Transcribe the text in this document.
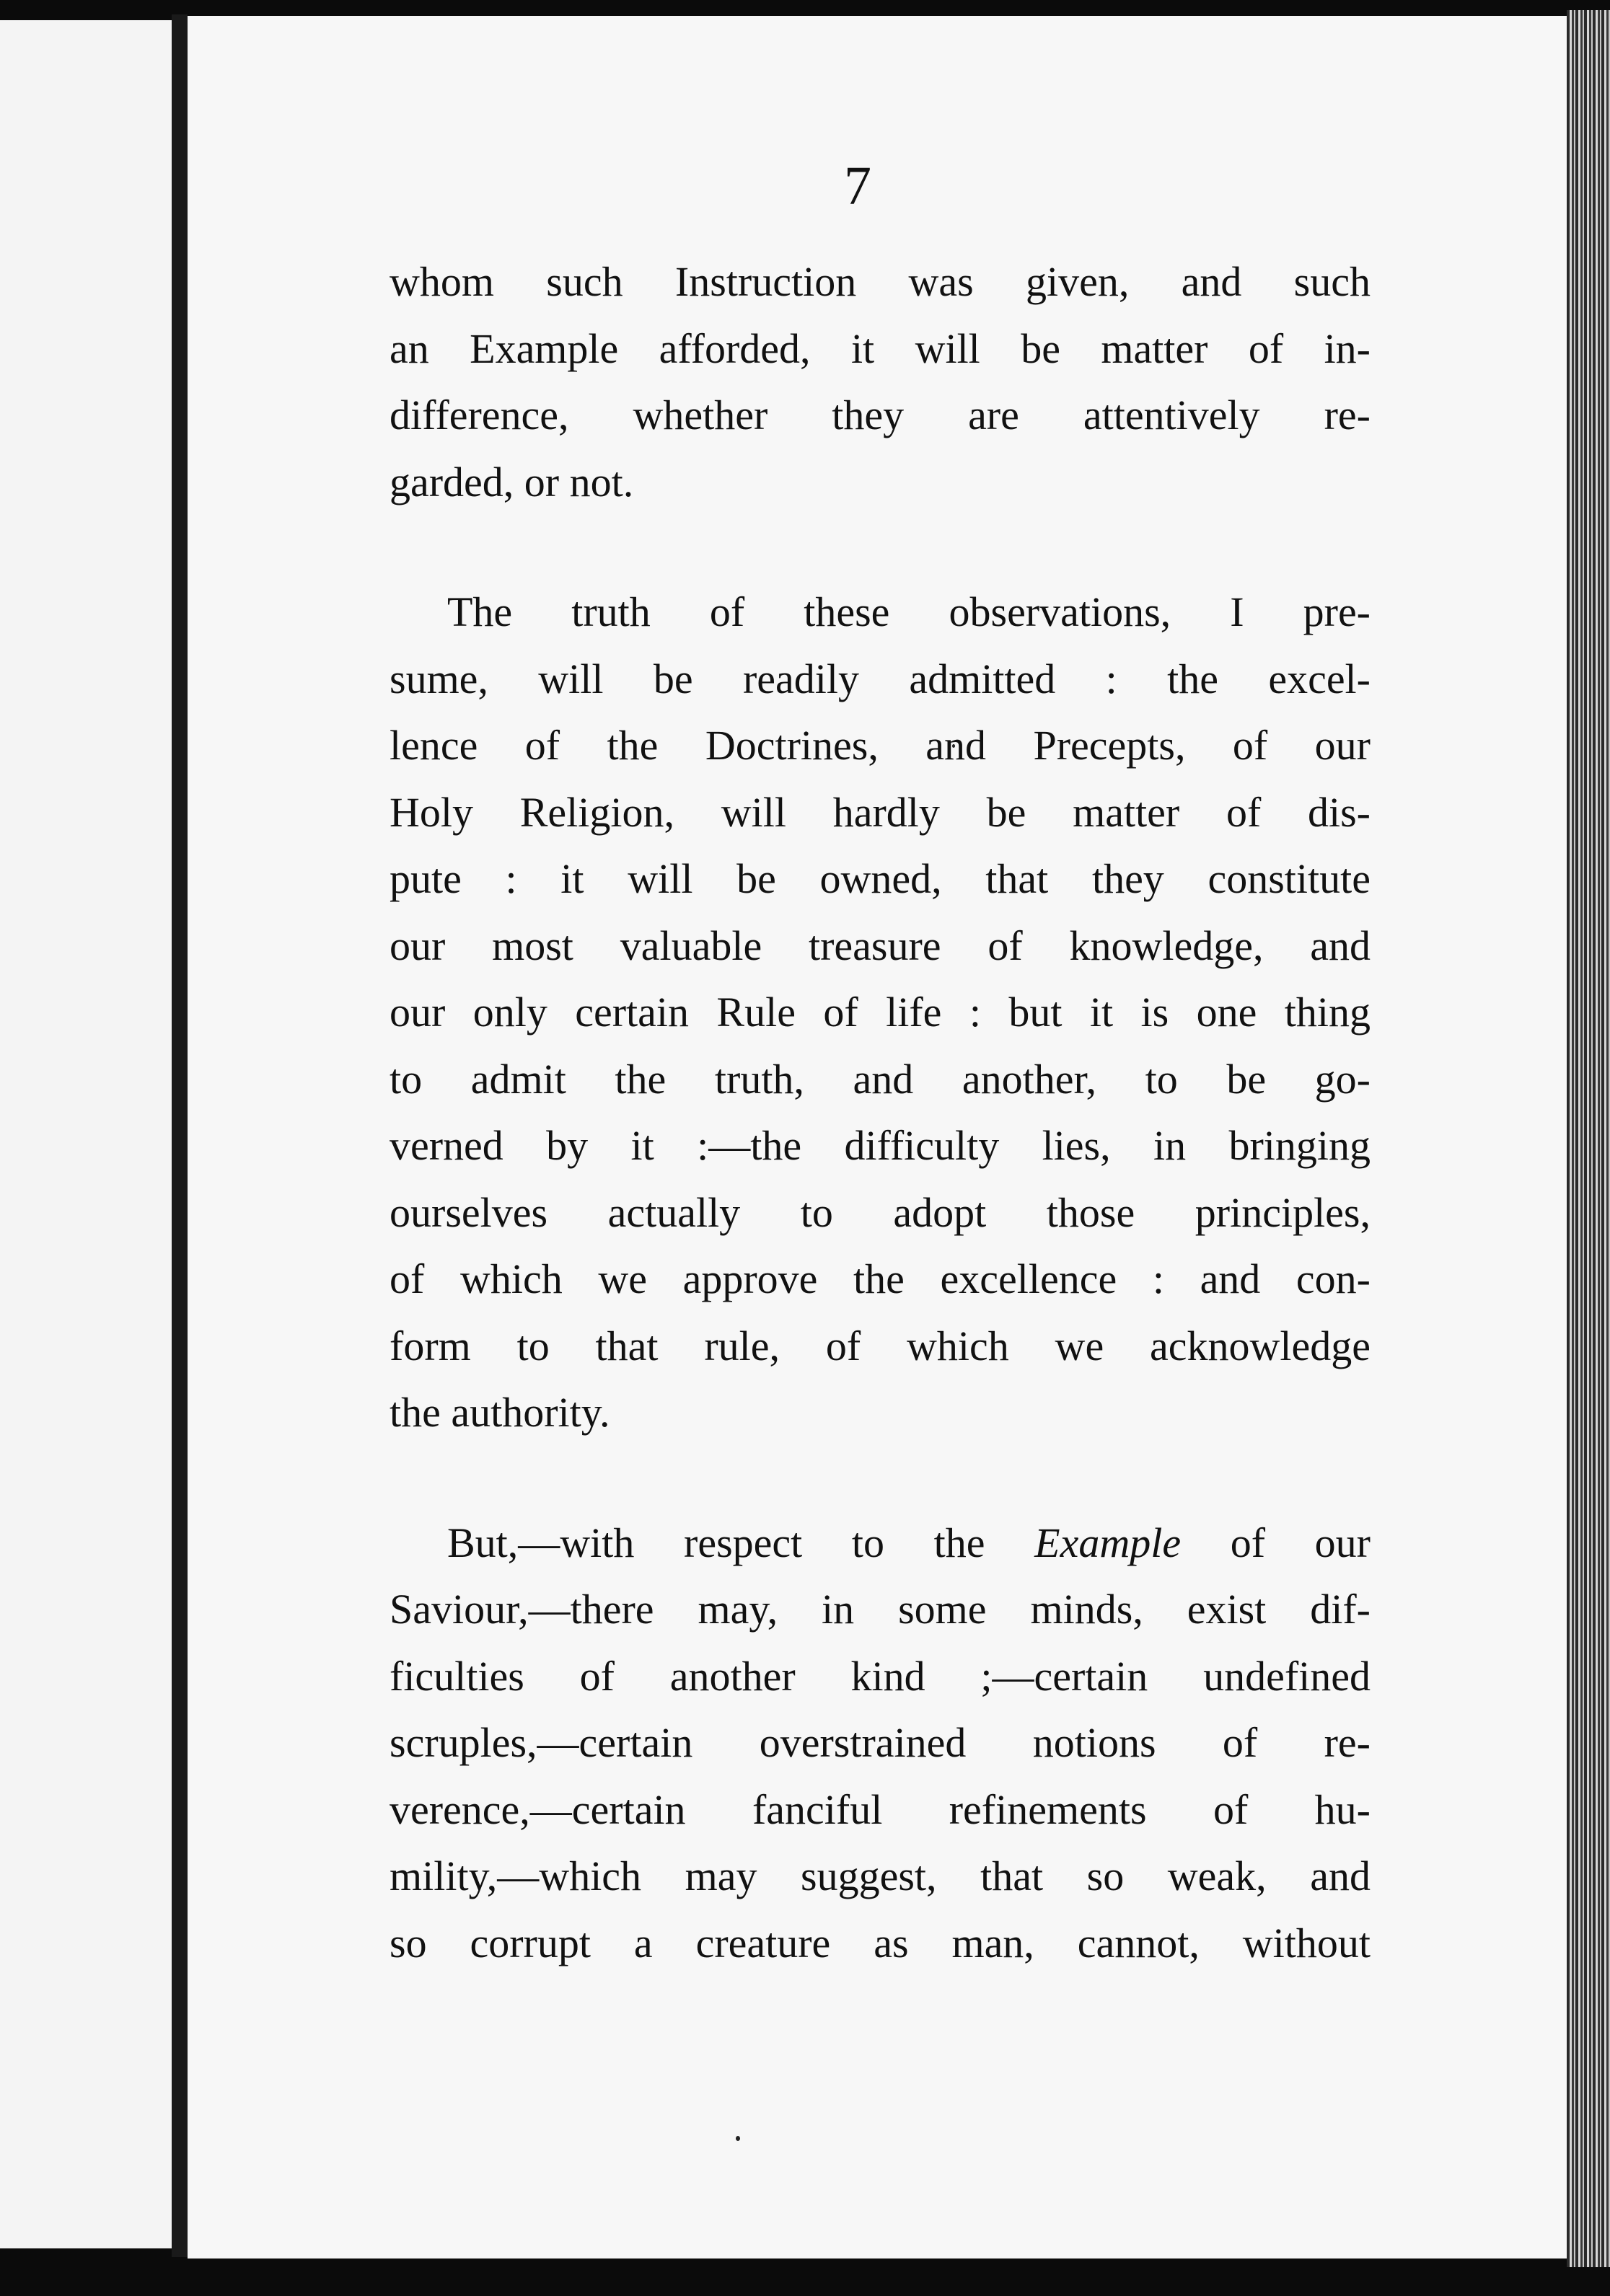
7
whom such Instruction was given, and such
an Example afforded, it will be matter of in-
difference, whether they are attentively re-
garded, or not.
The truth of these observations, I pre-
sume, will be readily admitted : the excel-
lence of the Doctrines, and Precepts, of our
Holy Religion, will hardly be matter of dis-
pute : it will be owned, that they constitute
our most valuable treasure of knowledge, and
our only certain Rule of life : but it is one thing
to admit the truth, and another, to be go-
verned by it :—the difficulty lies, in bringing
ourselves actually to adopt those principles,
of which we approve the excellence : and con-
form to that rule, of which we acknowledge
the authority.
But,—with respect to the Example of our
Saviour,—there may, in some minds, exist dif-
ficulties of another kind ;—certain undefined
scruples,—certain overstrained notions of re-
verence,—certain fanciful refinements of hu-
mility,—which may suggest, that so weak, and
so corrupt a creature as man, cannot, without
